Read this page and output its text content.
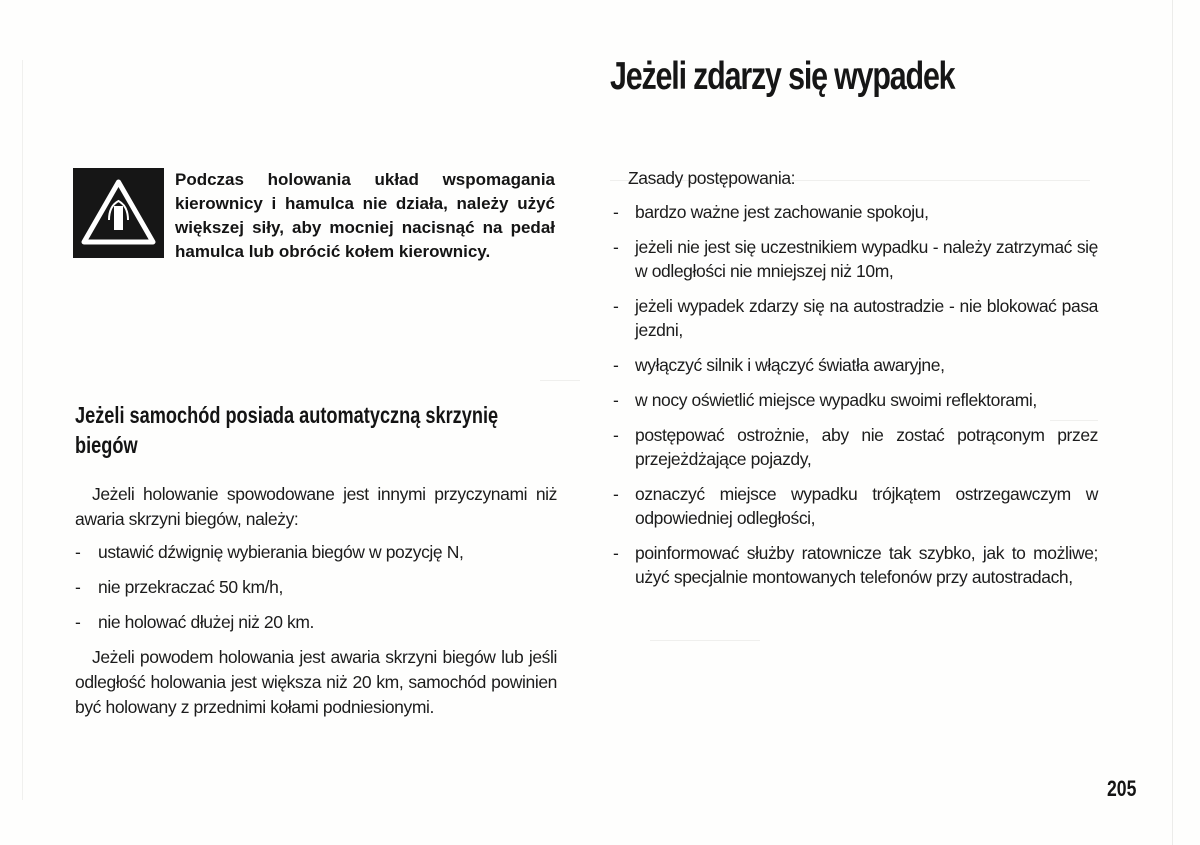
Jeżeli zdarzy się wypadek
Podczas holowania układ wspomagania kierownicy i hamulca nie działa, należy użyć większej siły, aby mocniej nacisnąć na pedał hamulca lub obrócić kołem kierownicy.
Jeżeli samochód posiada automatyczną skrzynię biegów

Jeżeli holowanie spowodowane jest innymi przyczynami niż awaria skrzyni biegów, należy:

- ustawić dźwignię wybierania biegów w pozycję N,
- nie przekraczać 50 km/h,
- nie holować dłużej niż 20 km.

Jeżeli powodem holowania jest awaria skrzyni biegów lub jeśli odległość holowania jest większa niż 20 km, samochód powinien być holowany z przednimi kołami podniesionymi.

Zasady postępowania:

- bardzo ważne jest zachowanie spokoju,
- jeżeli nie jest się uczestnikiem wypadku - należy zatrzymać się w odległości nie mniejszej niż 10m,
- jeżeli wypadek zdarzy się na autostradzie - nie blokować pasa jezdni,
- wyłączyć silnik i włączyć światła awaryjne,
- w nocy oświetlić miejsce wypadku swoimi reflektorami,
- postępować ostrożnie, aby nie zostać potrąconym przez przejeżdżające pojazdy,
- oznaczyć miejsce wypadku trójkątem ostrzegawczym w odpowiedniej odległości,
- poinformować służby ratownicze tak szybko, jak to możliwe; użyć specjalnie montowanych telefonów przy autostradach,
205
